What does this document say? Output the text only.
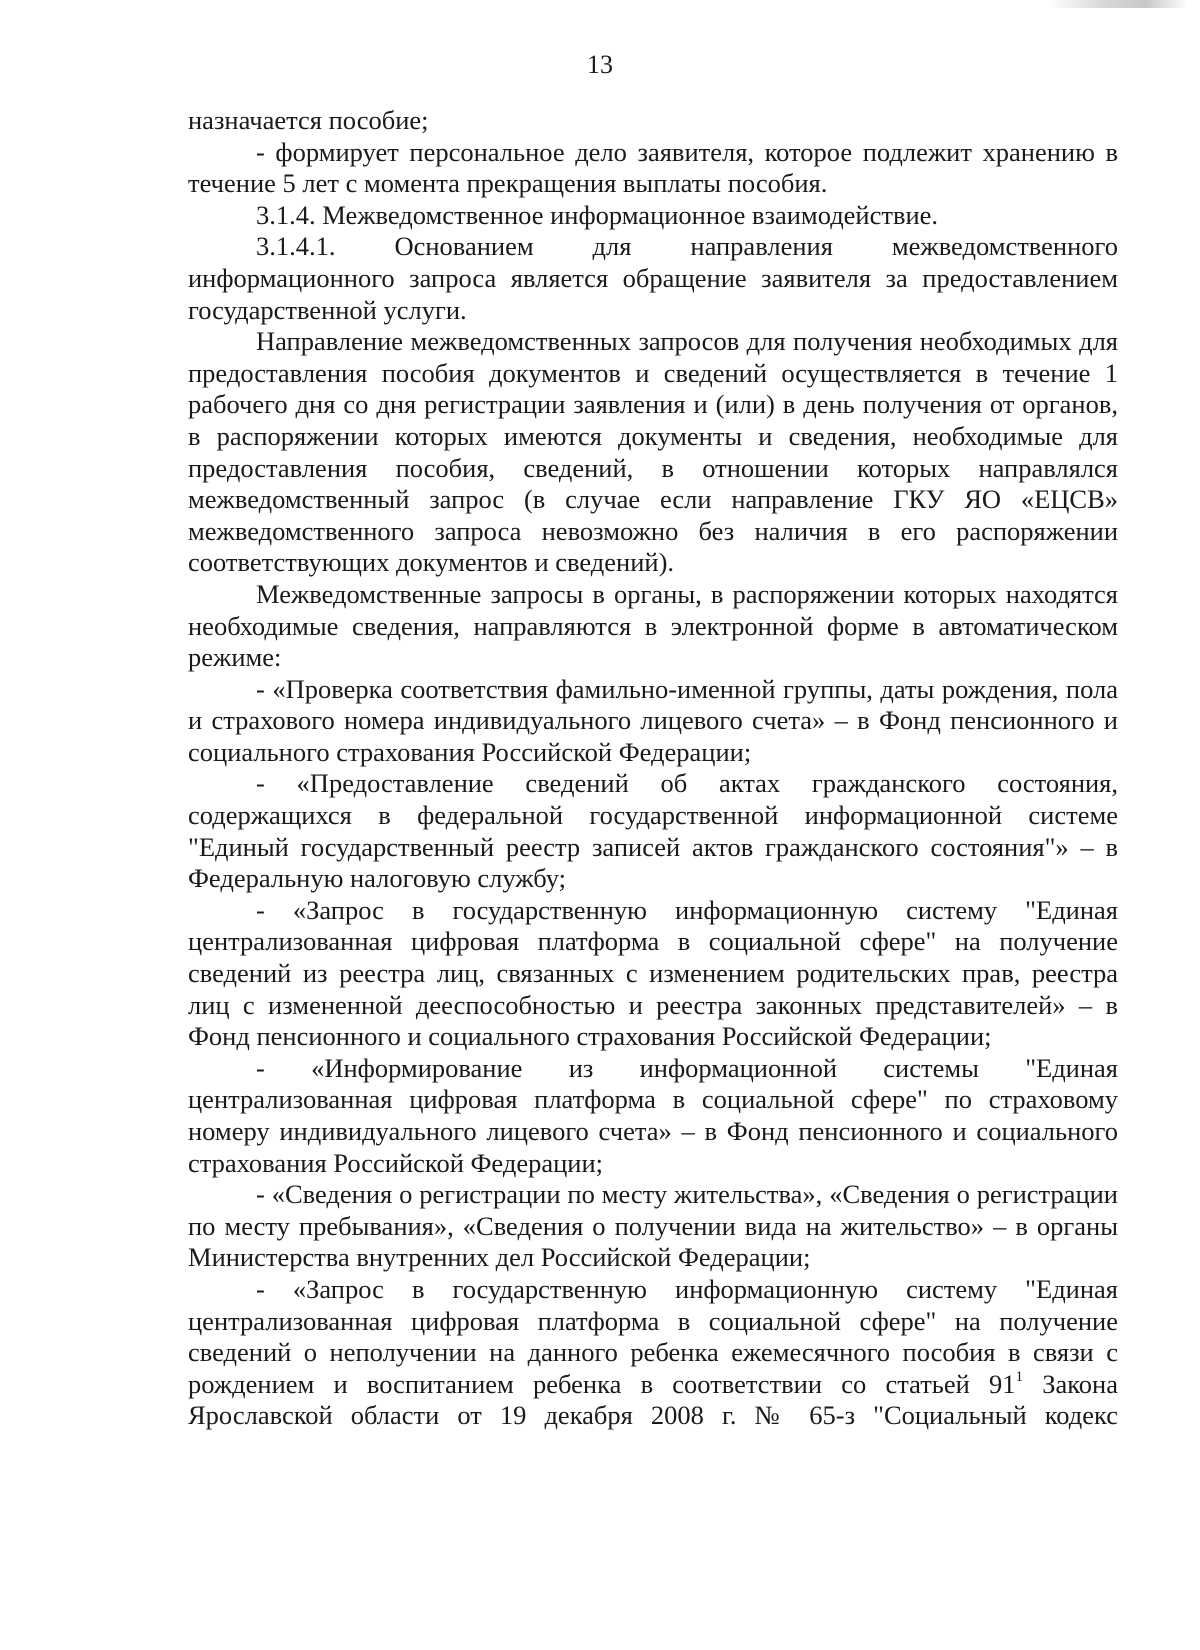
13

назначается пособие;

- формирует персональное дело заявителя, которое подлежит хранению в течение 5 лет с момента прекращения выплаты пособия.

3.1.4. Межведомственное информационное взаимодействие.

3.1.4.1. Основанием для направления межведомственного информационного запроса является обращение заявителя за предоставлением государственной услуги.

Направление межведомственных запросов для получения необходимых для предоставления пособия документов и сведений осуществляется в течение 1 рабочего дня со дня регистрации заявления и (или) в день получения от органов, в распоряжении которых имеются документы и сведения, необходимые для предоставления пособия, сведений, в отношении которых направлялся межведомственный запрос (в случае если направление ГКУ ЯО «ЕЦСВ» межведомственного запроса невозможно без наличия в его распоряжении соответствующих документов и сведений).

Межведомственные запросы в органы, в распоряжении которых находятся необходимые сведения, направляются в электронной форме в автоматическом режиме:

- «Проверка соответствия фамильно-именной группы, даты рождения, пола и страхового номера индивидуального лицевого счета» – в Фонд пенсионного и социального страхования Российской Федерации;

- «Предоставление сведений об актах гражданского состояния, содержащихся в федеральной государственной информационной системе "Единый государственный реестр записей актов гражданского состояния"» – в Федеральную налоговую службу;

- «Запрос в государственную информационную систему "Единая централизованная цифровая платформа в социальной сфере" на получение сведений из реестра лиц, связанных с изменением родительских прав, реестра лиц с измененной дееспособностью и реестра законных представителей» – в Фонд пенсионного и социального страхования Российской Федерации;

- «Информирование из информационной системы "Единая централизованная цифровая платформа в социальной сфере" по страховому номеру индивидуального лицевого счета» – в Фонд пенсионного и социального страхования Российской Федерации;

- «Сведения о регистрации по месту жительства», «Сведения о регистрации по месту пребывания», «Сведения о получении вида на жительство» – в органы Министерства внутренних дел Российской Федерации;

- «Запрос в государственную информационную систему "Единая централизованная цифровая платформа в социальной сфере" на получение сведений о неполучении на данного ребенка ежемесячного пособия в связи с рождением и воспитанием ребенка в соответствии со статьей $91^1$ Закона Ярославской области от 19 декабря 2008 г. № 65-з "Социальный кодекс
